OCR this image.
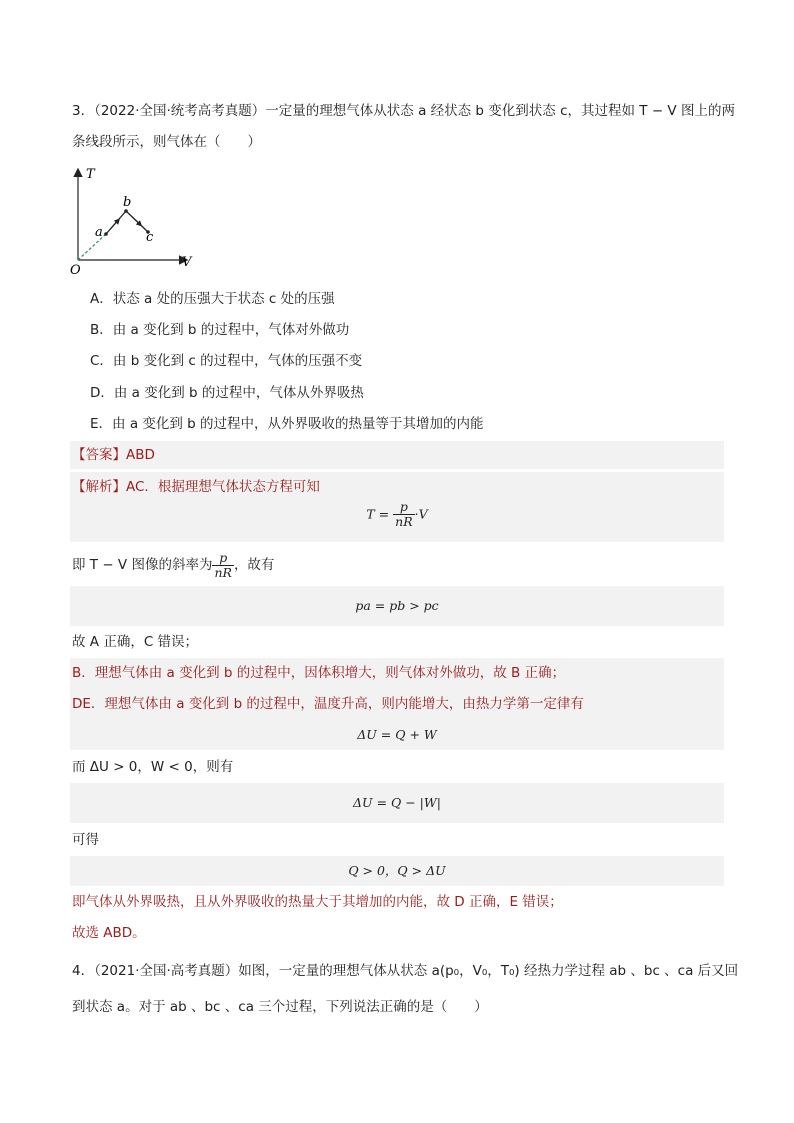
3．（2022·全国·统考高考真题）一定量的理想气体从状态 a 经状态 b 变化到状态 c，其过程如 T − V 图上的两
条线段所示，则气体在（　　）
T
V
O
a
b
c
A．状态 a 处的压强大于状态 c 处的压强
B．由 a 变化到 b 的过程中，气体对外做功
C．由 b 变化到 c 的过程中，气体的压强不变
D．由 a 变化到 b 的过程中，气体从外界吸热
E．由 a 变化到 b 的过程中，从外界吸收的热量等于其增加的内能
【答案】ABD
【解析】AC．根据理想气体状态方程可知
$T = \frac{p}{nR} \cdot V$
即 T − V 图像的斜率为 $\frac{p}{nR}$ ，故有
pa = pb > pc
故 A 正确，C 错误；
B．理想气体由 a 变化到 b 的过程中，因体积增大，则气体对外做功，故 B 正确；
DE．理想气体由 a 变化到 b 的过程中，温度升高，则内能增大，由热力学第一定律有
ΔU = Q + W
而 ΔU > 0，W < 0，则有
ΔU = Q − |W|
可得
Q > 0，Q > ΔU
即气体从外界吸热，且从外界吸收的热量大于其增加的内能，故 D 正确，E 错误；
故选 ABD。
4．（2021·全国·高考真题）如图，一定量的理想气体从状态 a(p₀，V₀，T₀) 经热力学过程 ab 、bc 、ca 后又回
到状态 a。对于 ab 、bc 、ca 三个过程，下列说法正确的是（　　）
